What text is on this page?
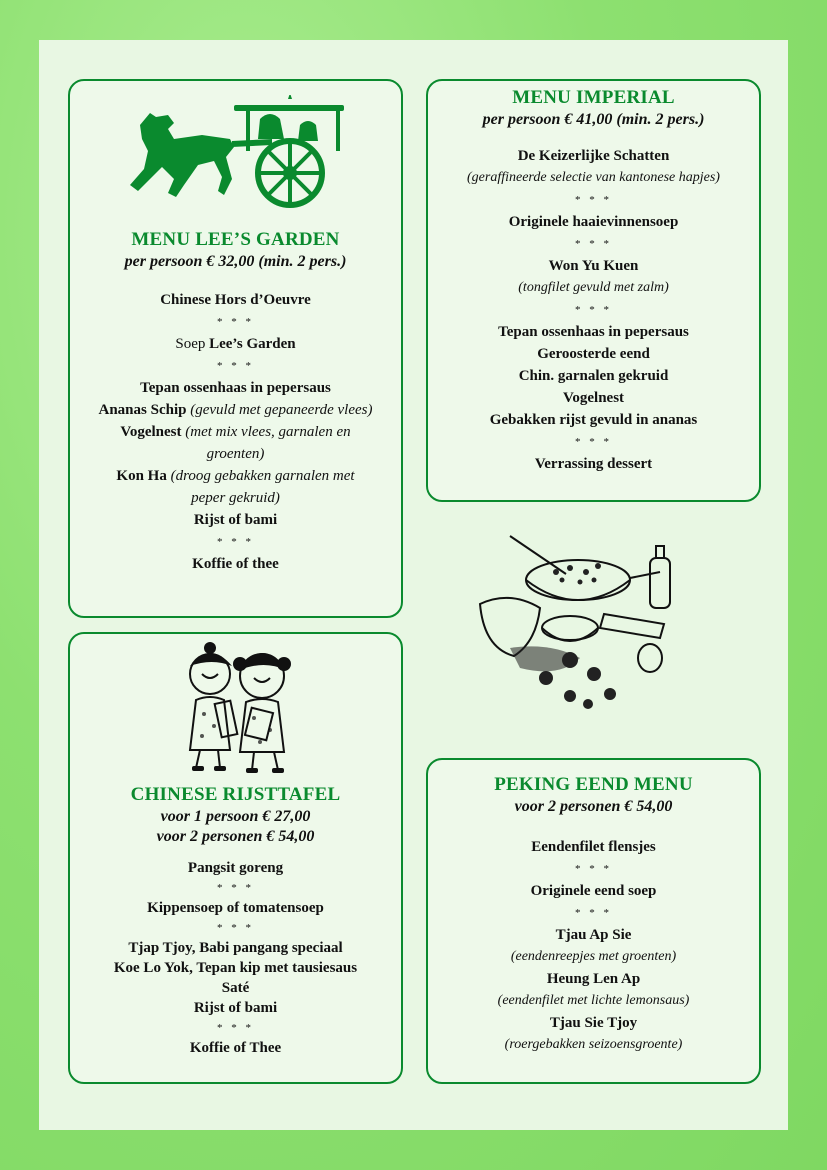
MENU LEE’S GARDEN

per persoon € 32,00 (min. 2 pers.)

Chinese Hors d’Oeuvre
* * *
Soep Lee’s Garden
* * *
Tepan ossenhaas in pepersaus
Ananas Schip (gevuld met gepaneerde vlees)
Vogelnest (met mix vlees, garnalen en groenten)
Kon Ha (droog gebakken garnalen met peper gekruid)
Rijst of bami
* * *
Koffie of thee

MENU IMPERIAL

per persoon € 41,00 (min. 2 pers.)

De Keizerlijke Schatten
(geraffineerde selectie van kantonese hapjes)
* * *
Originele haaievinnensoep
* * *
Won Yu Kuen
(tongfilet gevuld met zalm)
* * *
Tepan ossenhaas in pepersaus
Geroosterde eend
Chin. garnalen gekruid
Vogelnest
Gebakken rijst gevuld in ananas
* * *
Verrassing dessert

CHINESE RIJSTTAFEL

voor 1 persoon € 27,00

voor 2 personen € 54,00

Pangsit goreng
* * *
Kippensoep of tomatensoep
* * *
Tjap Tjoy, Babi pangang speciaal
Koe Lo Yok, Tepan kip met tausiesaus
Saté
Rijst of bami
* * *
Koffie of Thee

PEKING EEND MENU

voor 2 personen € 54,00

Eendenfilet flensjes
* * *
Originele eend soep
* * *
Tjau Ap Sie
(eendenreepjes met groenten)
Heung Len Ap
(eendenfilet met lichte lemonsaus)
Tjau Sie Tjoy
(roergebakken seizoensgroente)
